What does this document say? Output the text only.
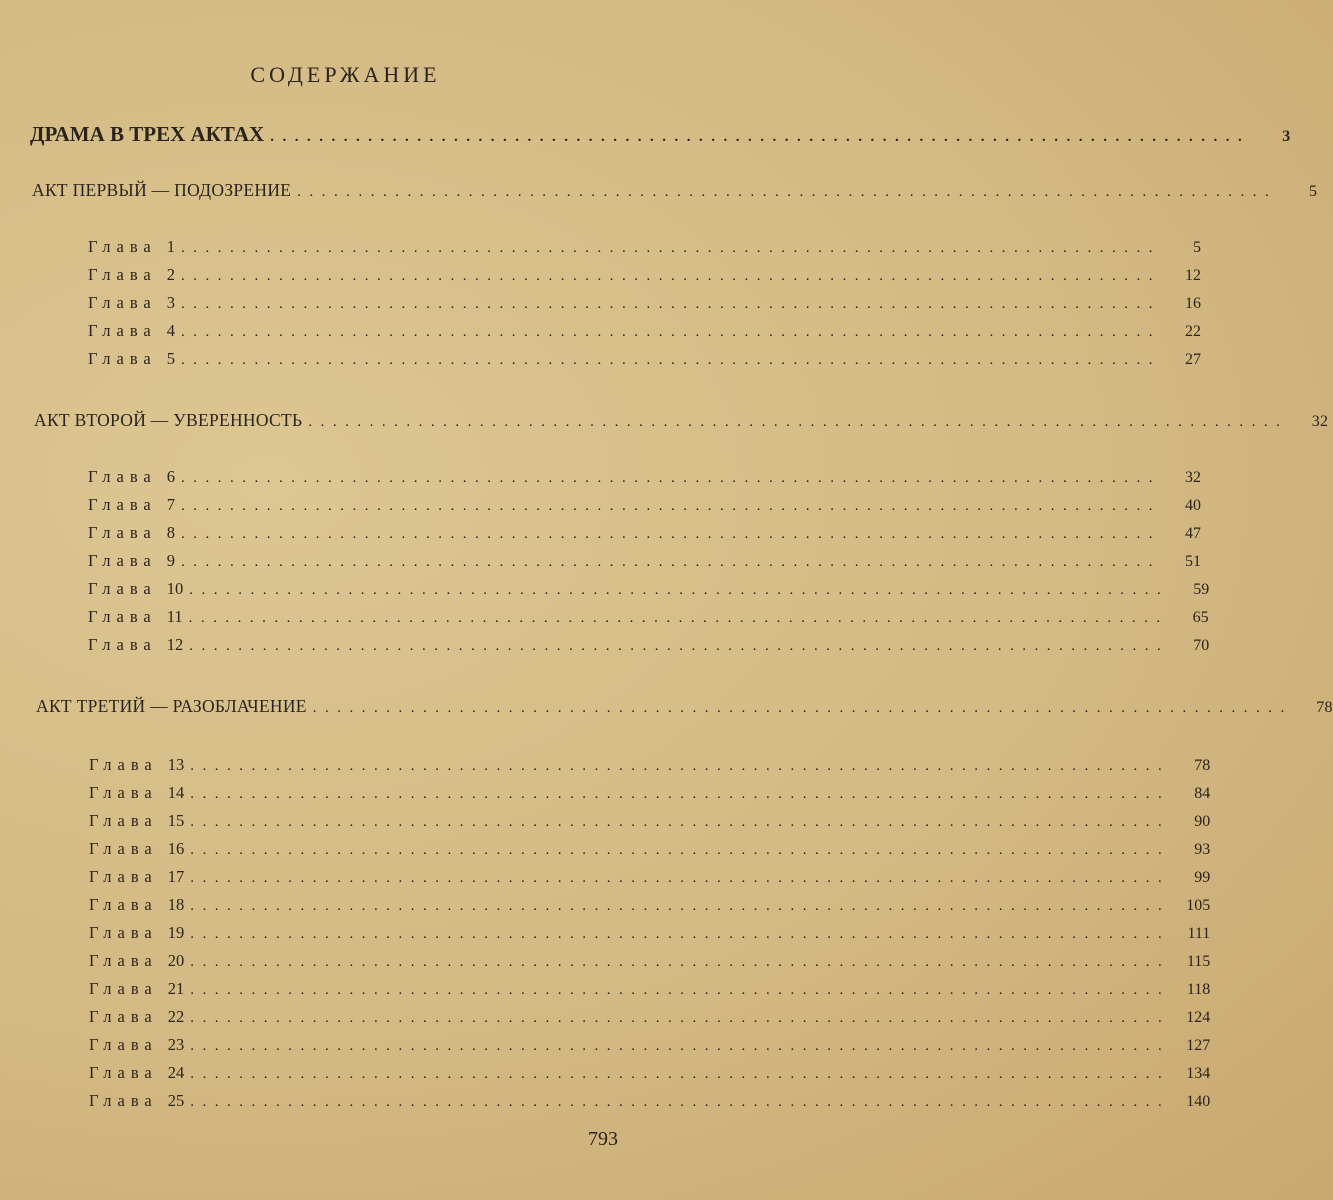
СОДЕРЖАНИЕ
ДРАМА В ТРЕХ АКТАХ ................................................................................	3
АКТ ПЕРВЫЙ — ПОДОЗРЕНИЕ ................................................................................	5
Глава 1 ................................................................................	5
Глава 2 ................................................................................	12
Глава 3 ................................................................................	16
Глава 4 ................................................................................	22
Глава 5 ................................................................................	27
АКТ ВТОРОЙ — УВЕРЕННОСТЬ ................................................................................	32
Глава 6 ................................................................................	32
Глава 7 ................................................................................	40
Глава 8 ................................................................................	47
Глава 9 ................................................................................	51
Глава 10 ................................................................................	59
Глава 11 ................................................................................	65
Глава 12 ................................................................................	70
АКТ ТРЕТИЙ — РАЗОБЛАЧЕНИЕ ................................................................................	78
Глава 13 ................................................................................	78
Глава 14 ................................................................................	84
Глава 15 ................................................................................	90
Глава 16 ................................................................................	93
Глава 17 ................................................................................	99
Глава 18 ................................................................................	105
Глава 19 ................................................................................	111
Глава 20 ................................................................................	115
Глава 21 ................................................................................	118
Глава 22 ................................................................................	124
Глава 23 ................................................................................	127
Глава 24 ................................................................................	134
Глава 25 ................................................................................	140
793
